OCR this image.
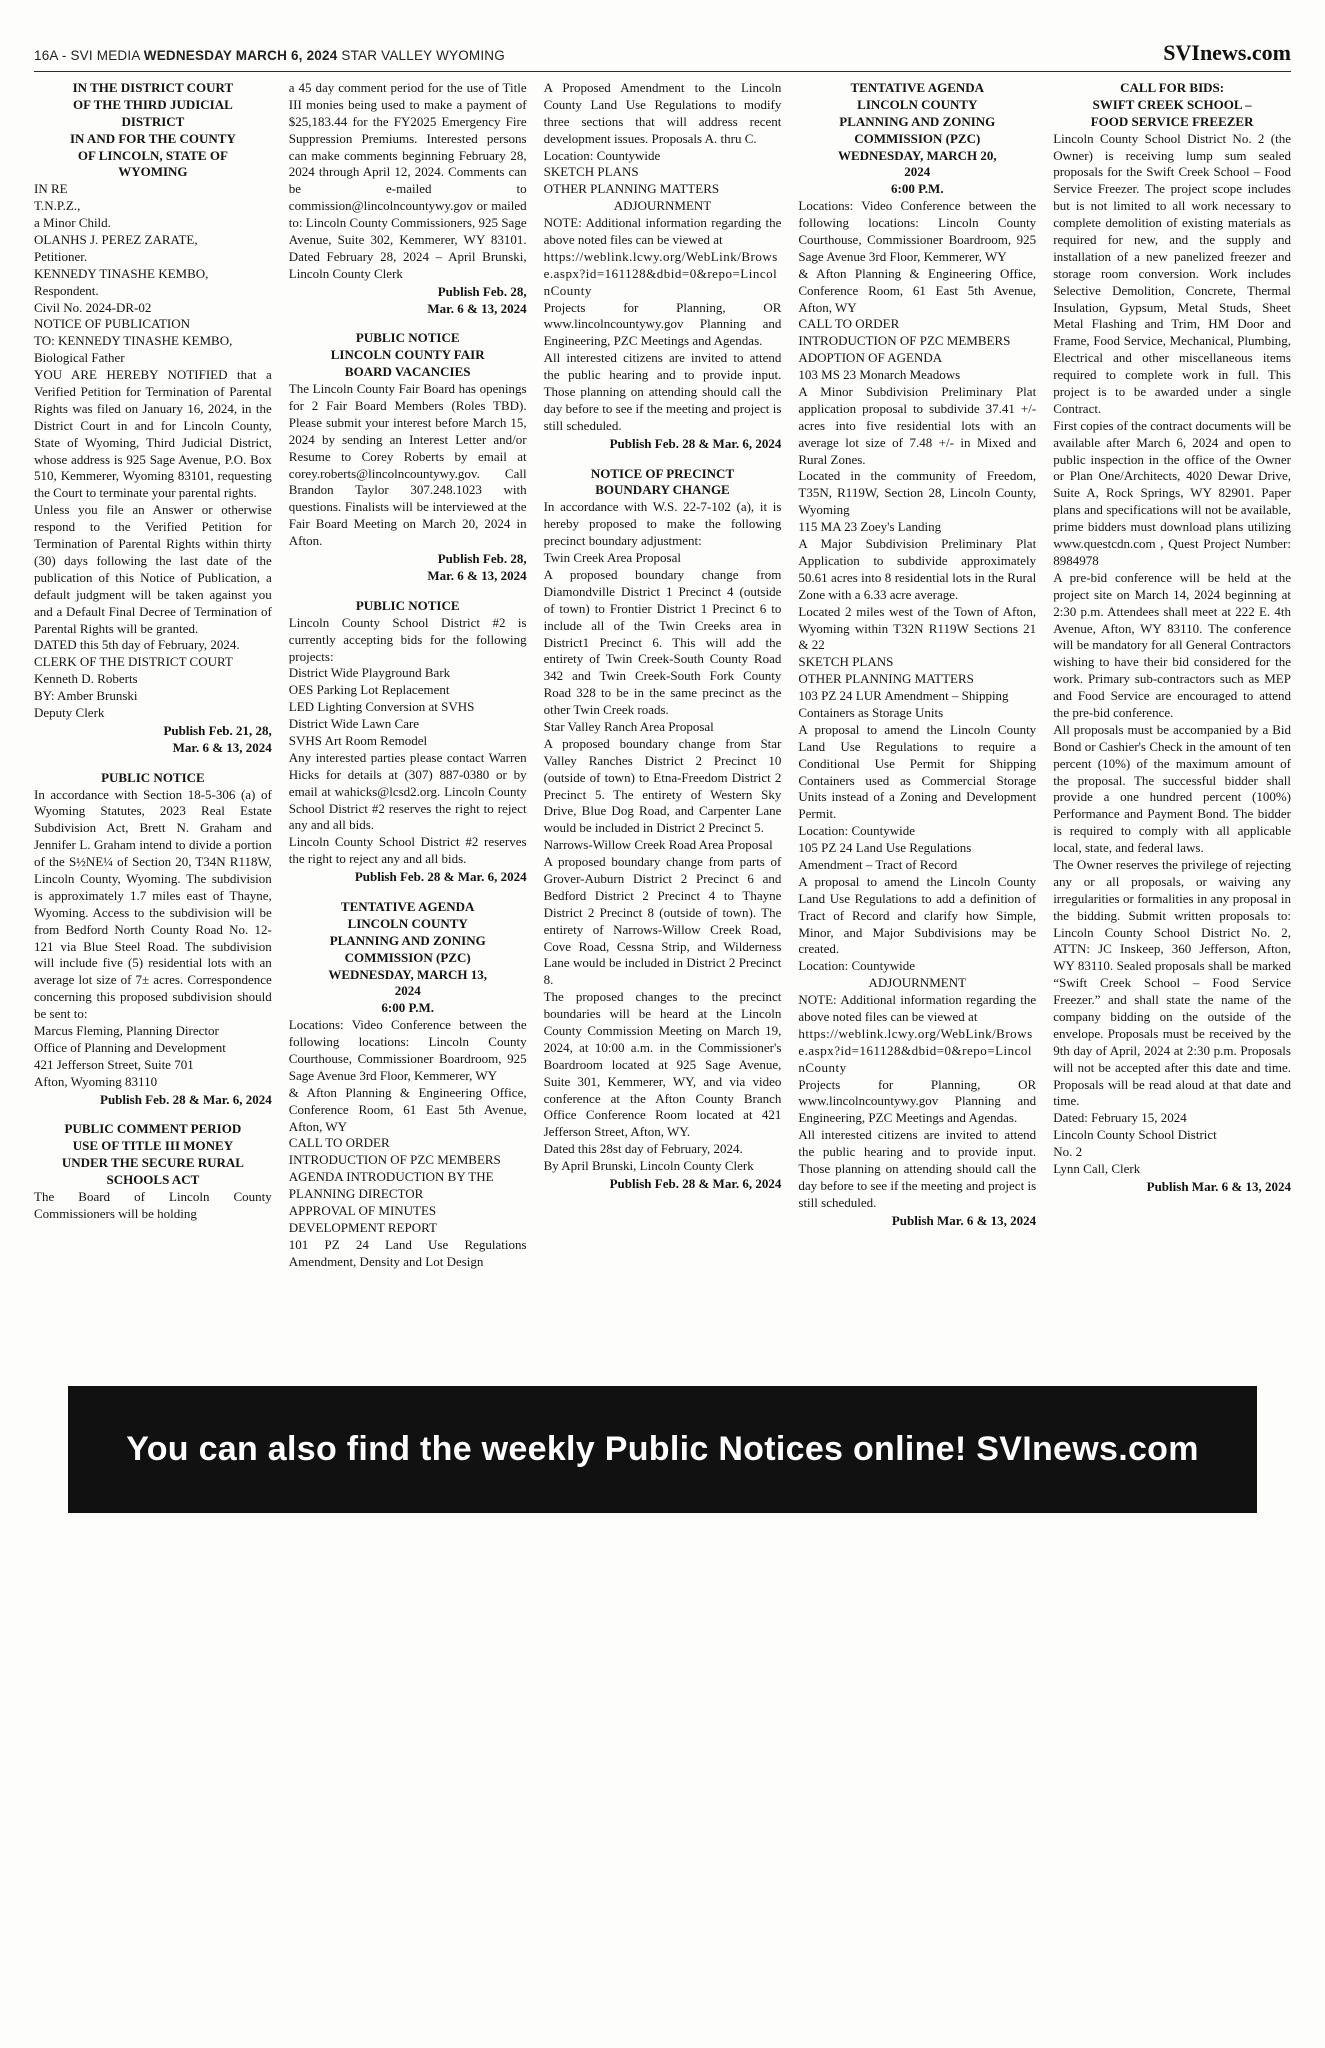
16A - SVI MEDIA WEDNESDAY MARCH 6, 2024 STAR VALLEY WYOMING	SVInews.com
IN THE DISTRICT COURT
OF THE THIRD JUDICIAL
DISTRICT
IN AND FOR THE COUNTY
OF LINCOLN, STATE OF
WYOMING
IN RE
T.N.P.Z.,
a Minor Child.
OLANHS J. PEREZ ZARATE,
Petitioner.
KENNEDY TINASHE KEMBO,
Respondent.
Civil No. 2024-DR-02
NOTICE OF PUBLICATION
TO: KENNEDY TINASHE KEMBO, Biological Father
YOU ARE HEREBY NOTIFIED that a Verified Petition for Termination of Parental Rights was filed on January 16, 2024, in the District Court in and for Lincoln County, State of Wyoming, Third Judicial District, whose address is 925 Sage Avenue, P.O. Box 510, Kemmerer, Wyoming 83101, requesting the Court to terminate your parental rights.
Unless you file an Answer or otherwise respond to the Verified Petition for Termination of Parental Rights within thirty (30) days following the last date of the publication of this Notice of Publication, a default judgment will be taken against you and a Default Final Decree of Termination of Parental Rights will be granted.
DATED this 5th day of February, 2024.
CLERK OF THE DISTRICT COURT
Kenneth D. Roberts
BY: Amber Brunski
Deputy Clerk
Publish Feb. 21, 28,
Mar. 6 & 13, 2024
PUBLIC NOTICE
In accordance with Section 18-5-306 (a) of Wyoming Statutes, 2023 Real Estate Subdivision Act, Brett N. Graham and Jennifer L. Graham intend to divide a portion of the S½NE¼ of Section 20, T34N R118W, Lincoln County, Wyoming. The subdivision is approximately 1.7 miles east of Thayne, Wyoming. Access to the subdivision will be from Bedford North County Road No. 12-121 via Blue Steel Road. The subdivision will include five (5) residential lots with an average lot size of 7± acres. Correspondence concerning this proposed subdivision should be sent to:
Marcus Fleming, Planning Director
Office of Planning and Development
421 Jefferson Street, Suite 701
Afton, Wyoming 83110
Publish Feb. 28 & Mar. 6, 2024
PUBLIC COMMENT PERIOD
USE OF TITLE III MONEY
UNDER THE SECURE RURAL
SCHOOLS ACT
The Board of Lincoln County Commissioners will be holding
a 45 day comment period for the use of Title III monies being used to make a payment of $25,183.44 for the FY2025 Emergency Fire Suppression Premiums. Interested persons can make comments beginning February 28, 2024 through April 12, 2024. Comments can be e-mailed to commission@lincolncountywy.gov or mailed to: Lincoln County Commissioners, 925 Sage Avenue, Suite 302, Kemmerer, WY 83101. Dated February 28, 2024 – April Brunski, Lincoln County Clerk
Publish Feb. 28,
Mar. 6 & 13, 2024
PUBLIC NOTICE
LINCOLN COUNTY FAIR
BOARD VACANCIES
The Lincoln County Fair Board has openings for 2 Fair Board Members (Roles TBD). Please submit your interest before March 15, 2024 by sending an Interest Letter and/or Resume to Corey Roberts by email at corey.roberts@lincolncountywy.gov. Call Brandon Taylor 307.248.1023 with questions. Finalists will be interviewed at the Fair Board Meeting on March 20, 2024 in Afton.
Publish Feb. 28,
Mar. 6 & 13, 2024
PUBLIC NOTICE
Lincoln County School District #2 is currently accepting bids for the following projects:
District Wide Playground Bark
OES Parking Lot Replacement
LED Lighting Conversion at SVHS
District Wide Lawn Care
SVHS Art Room Remodel
Any interested parties please contact Warren Hicks for details at (307) 887-0380 or by email at wahicks@lcsd2.org. Lincoln County School District #2 reserves the right to reject any and all bids.
Lincoln County School District #2 reserves the right to reject any and all bids.
Publish Feb. 28 & Mar. 6, 2024
TENTATIVE AGENDA
LINCOLN COUNTY
PLANNING AND ZONING
COMMISSION (PZC)
WEDNESDAY, MARCH 13,
2024
6:00 P.M.
Locations: Video Conference between the following locations: Lincoln County Courthouse, Commissioner Boardroom, 925 Sage Avenue 3rd Floor, Kemmerer, WY
& Afton Planning & Engineering Office, Conference Room, 61 East 5th Avenue, Afton, WY
CALL TO ORDER
INTRODUCTION OF PZC MEMBERS
AGENDA INTRODUCTION BY THE PLANNING DIRECTOR
APPROVAL OF MINUTES
DEVELOPMENT REPORT
101 PZ 24 Land Use Regulations Amendment, Density and Lot Design
A Proposed Amendment to the Lincoln County Land Use Regulations to modify three sections that will address recent development issues. Proposals A. thru C.
Location: Countywide
SKETCH PLANS
OTHER PLANNING MATTERS
ADJOURNMENT
NOTE: Additional information regarding the above noted files can be viewed at
https://weblink.lcwy.org/WebLink/Browse.aspx?id=161128&dbid=0&repo=LincolnCounty
Projects for Planning, OR www.lincolncountywy.gov Planning and Engineering, PZC Meetings and Agendas.
All interested citizens are invited to attend the public hearing and to provide input. Those planning on attending should call the day before to see if the meeting and project is still scheduled.
Publish Feb. 28 & Mar. 6, 2024
NOTICE OF PRECINCT
BOUNDARY CHANGE
In accordance with W.S. 22-7-102 (a), it is hereby proposed to make the following precinct boundary adjustment:
Twin Creek Area Proposal
A proposed boundary change from Diamondville District 1 Precinct 4 (outside of town) to Frontier District 1 Precinct 6 to include all of the Twin Creeks area in District1 Precinct 6. This will add the entirety of Twin Creek-South County Road 342 and Twin Creek-South Fork County Road 328 to be in the same precinct as the other Twin Creek roads.
Star Valley Ranch Area Proposal
A proposed boundary change from Star Valley Ranches District 2 Precinct 10 (outside of town) to Etna-Freedom District 2 Precinct 5. The entirety of Western Sky Drive, Blue Dog Road, and Carpenter Lane would be included in District 2 Precinct 5.
Narrows-Willow Creek Road Area Proposal
A proposed boundary change from parts of Grover-Auburn District 2 Precinct 6 and Bedford District 2 Precinct 4 to Thayne District 2 Precinct 8 (outside of town). The entirety of Narrows-Willow Creek Road, Cove Road, Cessna Strip, and Wilderness Lane would be included in District 2 Precinct 8.
The proposed changes to the precinct boundaries will be heard at the Lincoln County Commission Meeting on March 19, 2024, at 10:00 a.m. in the Commissioner's Boardroom located at 925 Sage Avenue, Suite 301, Kemmerer, WY, and via video conference at the Afton County Branch Office Conference Room located at 421 Jefferson Street, Afton, WY.
Dated this 28st day of February, 2024.
By April Brunski, Lincoln County Clerk
Publish Feb. 28 & Mar. 6, 2024
TENTATIVE AGENDA
LINCOLN COUNTY
PLANNING AND ZONING
COMMISSION (PZC)
WEDNESDAY, MARCH 20,
2024
6:00 P.M.
Locations: Video Conference between the following locations: Lincoln County Courthouse, Commissioner Boardroom, 925 Sage Avenue 3rd Floor, Kemmerer, WY
& Afton Planning & Engineering Office, Conference Room, 61 East 5th Avenue, Afton, WY
CALL TO ORDER
INTRODUCTION OF PZC MEMBERS
ADOPTION OF AGENDA
103 MS 23 Monarch Meadows
A Minor Subdivision Preliminary Plat application proposal to subdivide 37.41 +/- acres into five residential lots with an average lot size of 7.48 +/- in Mixed and Rural Zones.
Located in the community of Freedom, T35N, R119W, Section 28, Lincoln County, Wyoming
115 MA 23 Zoey's Landing
A Major Subdivision Preliminary Plat Application to subdivide approximately 50.61 acres into 8 residential lots in the Rural Zone with a 6.33 acre average.
Located 2 miles west of the Town of Afton, Wyoming within T32N R119W Sections 21 & 22
SKETCH PLANS
OTHER PLANNING MATTERS
103 PZ 24 LUR Amendment – Shipping Containers as Storage Units
A proposal to amend the Lincoln County Land Use Regulations to require a Conditional Use Permit for Shipping Containers used as Commercial Storage Units instead of a Zoning and Development Permit.
Location: Countywide
105 PZ 24 Land Use Regulations Amendment – Tract of Record
A proposal to amend the Lincoln County Land Use Regulations to add a definition of Tract of Record and clarify how Simple, Minor, and Major Subdivisions may be created.
Location: Countywide
ADJOURNMENT
NOTE: Additional information regarding the above noted files can be viewed at
https://weblink.lcwy.org/WebLink/Browse.aspx?id=161128&dbid=0&repo=LincolnCounty
Projects for Planning, OR www.lincolncountywy.gov Planning and Engineering, PZC Meetings and Agendas.
All interested citizens are invited to attend the public hearing and to provide input. Those planning on attending should call the day before to see if the meeting and project is still scheduled.
Publish Mar. 6 & 13, 2024
CALL FOR BIDS:
SWIFT CREEK SCHOOL –
FOOD SERVICE FREEZER
Lincoln County School District No. 2 (the Owner) is receiving lump sum sealed proposals for the Swift Creek School – Food Service Freezer. The project scope includes but is not limited to all work necessary to complete demolition of existing materials as required for new, and the supply and installation of a new panelized freezer and storage room conversion. Work includes Selective Demolition, Concrete, Thermal Insulation, Gypsum, Metal Studs, Sheet Metal Flashing and Trim, HM Door and Frame, Food Service, Mechanical, Plumbing, Electrical and other miscellaneous items required to complete work in full. This project is to be awarded under a single Contract.
First copies of the contract documents will be available after March 6, 2024 and open to public inspection in the office of the Owner or Plan One/Architects, 4020 Dewar Drive, Suite A, Rock Springs, WY 82901. Paper plans and specifications will not be available, prime bidders must download plans utilizing www.questcdn.com , Quest Project Number: 8984978
A pre-bid conference will be held at the project site on March 14, 2024 beginning at 2:30 p.m. Attendees shall meet at 222 E. 4th Avenue, Afton, WY 83110. The conference will be mandatory for all General Contractors wishing to have their bid considered for the work. Primary sub-contractors such as MEP and Food Service are encouraged to attend the pre-bid conference.
All proposals must be accompanied by a Bid Bond or Cashier's Check in the amount of ten percent (10%) of the maximum amount of the proposal. The successful bidder shall provide a one hundred percent (100%) Performance and Payment Bond. The bidder is required to comply with all applicable local, state, and federal laws.
The Owner reserves the privilege of rejecting any or all proposals, or waiving any irregularities or formalities in any proposal in the bidding. Submit written proposals to: Lincoln County School District No. 2, ATTN: JC Inskeep, 360 Jefferson, Afton, WY 83110. Sealed proposals shall be marked “Swift Creek School – Food Service Freezer.” and shall state the name of the company bidding on the outside of the envelope. Proposals must be received by the 9th day of April, 2024 at 2:30 p.m. Proposals will not be accepted after this date and time. Proposals will be read aloud at that date and time.
Dated: February 15, 2024
Lincoln County School District
No. 2
Lynn Call, Clerk
Publish Mar. 6 & 13, 2024
You can also find the weekly Public Notices online! SVInews.com
